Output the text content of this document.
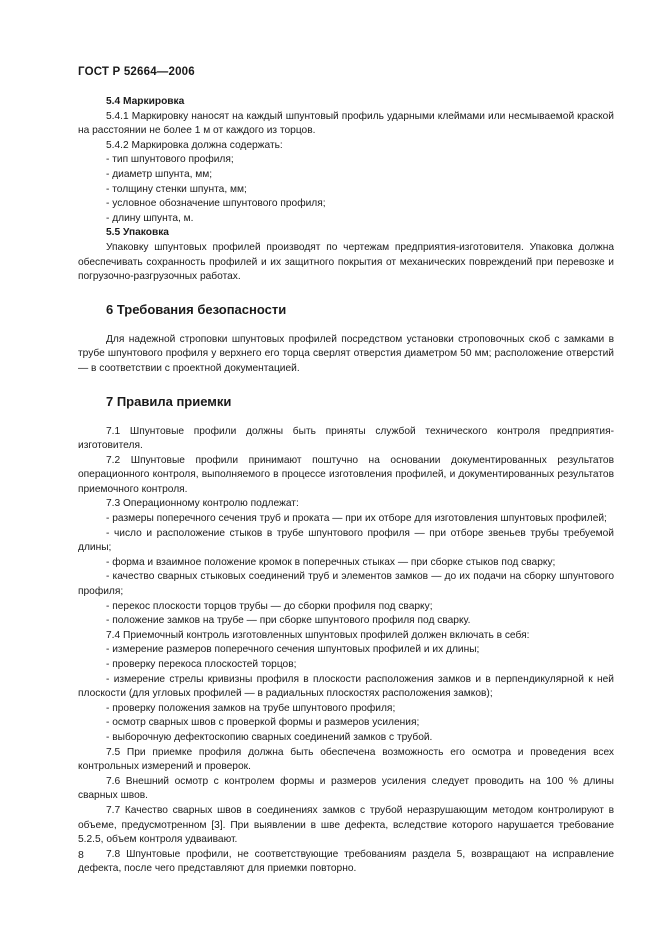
ГОСТ Р 52664—2006

5.4 Маркировка

5.4.1 Маркировку наносят на каждый шпунтовый профиль ударными клеймами или несмываемой краской на расстоянии не более 1 м от каждого из торцов.

5.4.2 Маркировка должна содержать:

- тип шпунтового профиля;

- диаметр шпунта, мм;

- толщину стенки шпунта, мм;

- условное обозначение шпунтового профиля;

- длину шпунта, м.

5.5 Упаковка

Упаковку шпунтовых профилей производят по чертежам предприятия-изготовителя. Упаковка должна обеспечивать сохранность профилей и их защитного покрытия от механических повреждений при перевозке и погрузочно-разгрузочных работах.

6 Требования безопасности

Для надежной строповки шпунтовых профилей посредством установки строповочных скоб с замками в трубе шпунтового профиля у верхнего его торца сверлят отверстия диаметром 50 мм; расположение отверстий — в соответствии с проектной документацией.

7 Правила приемки

7.1 Шпунтовые профили должны быть приняты службой технического контроля предприятия-изготовителя.

7.2 Шпунтовые профили принимают поштучно на основании документированных результатов операционного контроля, выполняемого в процессе изготовления профилей, и документированных результатов приемочного контроля.

7.3 Операционному контролю подлежат:

- размеры поперечного сечения труб и проката — при их отборе для изготовления шпунтовых профилей;

- число и расположение стыков в трубе шпунтового профиля — при отборе звеньев трубы требуемой длины;

- форма и взаимное положение кромок в поперечных стыках — при сборке стыков под сварку;

- качество сварных стыковых соединений труб и элементов замков — до их подачи на сборку шпунтового профиля;

- перекос плоскости торцов трубы — до сборки профиля под сварку;

- положение замков на трубе — при сборке шпунтового профиля под сварку.

7.4 Приемочный контроль изготовленных шпунтовых профилей должен включать в себя:

- измерение размеров поперечного сечения шпунтовых профилей и их длины;

- проверку перекоса плоскостей торцов;

- измерение стрелы кривизны профиля в плоскости расположения замков и в перпендикулярной к ней плоскости (для угловых профилей — в радиальных плоскостях расположения замков);

- проверку положения замков на трубе шпунтового профиля;

- осмотр сварных швов с проверкой формы и размеров усиления;

- выборочную дефектоскопию сварных соединений замков с трубой.

7.5 При приемке профиля должна быть обеспечена возможность его осмотра и проведения всех контрольных измерений и проверок.

7.6 Внешний осмотр с контролем формы и размеров усиления следует проводить на 100 % длины сварных швов.

7.7 Качество сварных швов в соединениях замков с трубой неразрушающим методом контролируют в объеме, предусмотренном [3]. При выявлении в шве дефекта, вследствие которого нарушается требование 5.2.5, объем контроля удваивают.

7.8 Шпунтовые профили, не соответствующие требованиям раздела 5, возвращают на исправление дефекта, после чего представляют для приемки повторно.

8
